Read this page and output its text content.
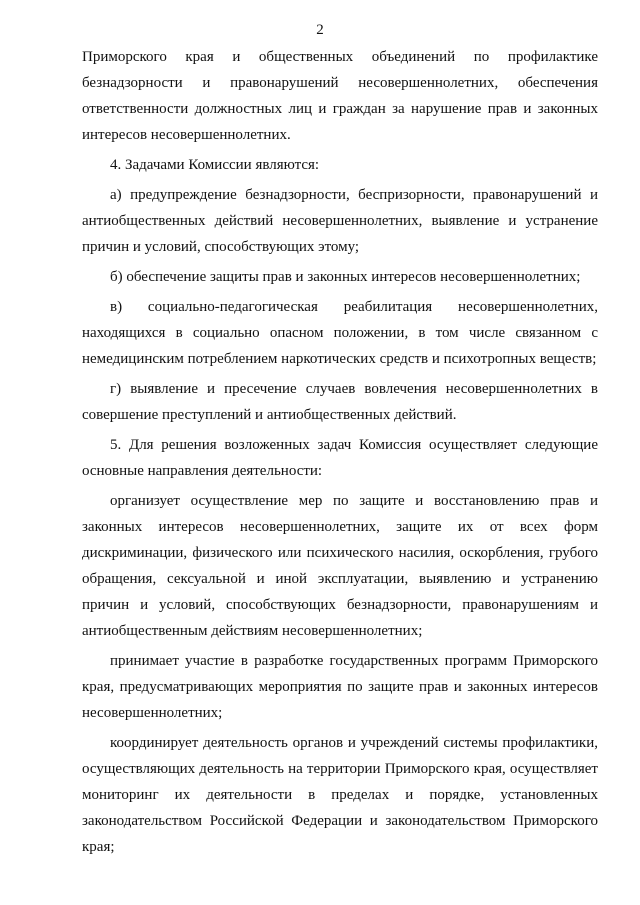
2

Приморского края и общественных объединений по профилактике безнадзорности и правонарушений несовершеннолетних, обеспечения ответственности должностных лиц и граждан за нарушение прав и законных интересов несовершеннолетних.

4. Задачами Комиссии являются:

а) предупреждение безнадзорности, беспризорности, правонарушений и антиобщественных действий несовершеннолетних, выявление и устранение причин и условий, способствующих этому;

б) обеспечение защиты прав и законных интересов несовершеннолетних;

в) социально-педагогическая реабилитация несовершеннолетних, находящихся в социально опасном положении, в том числе связанном с немедицинским потреблением наркотических средств и психотропных веществ;

г) выявление и пресечение случаев вовлечения несовершеннолетних в совершение преступлений и антиобщественных действий.

5. Для решения возложенных задач Комиссия осуществляет следующие основные направления деятельности:

организует осуществление мер по защите и восстановлению прав и законных интересов несовершеннолетних, защите их от всех форм дискриминации, физического или психического насилия, оскорбления, грубого обращения, сексуальной и иной эксплуатации, выявлению и устранению причин и условий, способствующих безнадзорности, правонарушениям и антиобщественным действиям несовершеннолетних;

принимает участие в разработке государственных программ Приморского края, предусматривающих мероприятия по защите прав и законных интересов несовершеннолетних;

координирует деятельность органов и учреждений системы профилактики, осуществляющих деятельность на территории Приморского края, осуществляет мониторинг их деятельности в пределах и порядке, установленных законодательством Российской Федерации и законодательством Приморского края;
